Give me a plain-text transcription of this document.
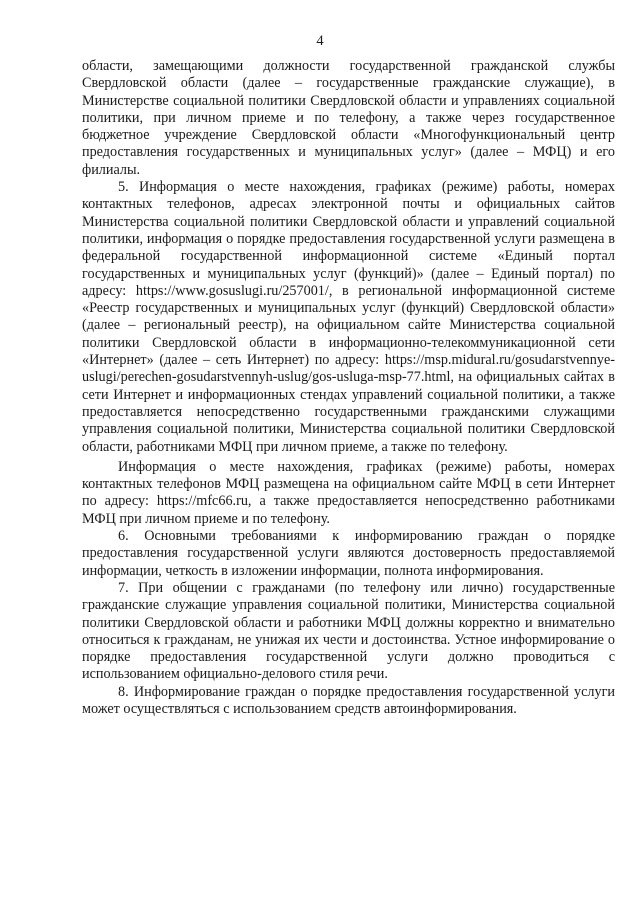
4

области, замещающими должности государственной гражданской службы Свердловской области (далее – государственные гражданские служащие), в Министерстве социальной политики Свердловской области и управлениях социальной политики, при личном приеме и по телефону, а также через государственное бюджетное учреждение Свердловской области «Многофункциональный центр предоставления государственных и муниципальных услуг» (далее – МФЦ) и его филиалы.

5. Информация о месте нахождения, графиках (режиме) работы, номерах контактных телефонов, адресах электронной почты и официальных сайтов Министерства социальной политики Свердловской области и управлений социальной политики, информация о порядке предоставления государственной услуги размещена в федеральной государственной информационной системе «Единый портал государственных и муниципальных услуг (функций)» (далее – Единый портал) по адресу: https://www.gosuslugi.ru/257001/, в региональной информационной системе «Реестр государственных и муниципальных услуг (функций) Свердловской области» (далее – региональный реестр), на официальном сайте Министерства социальной политики Свердловской области в информационно-телекоммуникационной сети «Интернет» (далее – сеть Интернет) по адресу: https://msp.midural.ru/gosudarstvennye-uslugi/perechen-gosudarstvennyh-uslug/gos-usluga-msp-77.html, на официальных сайтах в сети Интернет и информационных стендах управлений социальной политики, а также предоставляется непосредственно государственными гражданскими служащими управления социальной политики, Министерства социальной политики Свердловской области, работниками МФЦ при личном приеме, а также по телефону.

Информация о месте нахождения, графиках (режиме) работы, номерах контактных телефонов МФЦ размещена на официальном сайте МФЦ в сети Интернет по адресу: https://mfc66.ru, а также предоставляется непосредственно работниками МФЦ при личном приеме и по телефону.

6. Основными требованиями к информированию граждан о порядке предоставления государственной услуги являются достоверность предоставляемой информации, четкость в изложении информации, полнота информирования.

7. При общении с гражданами (по телефону или лично) государственные гражданские служащие управления социальной политики, Министерства социальной политики Свердловской области и работники МФЦ должны корректно и внимательно относиться к гражданам, не унижая их чести и достоинства. Устное информирование о порядке предоставления государственной услуги должно проводиться с использованием официально-делового стиля речи.

8. Информирование граждан о порядке предоставления государственной услуги может осуществляться с использованием средств автоинформирования.
